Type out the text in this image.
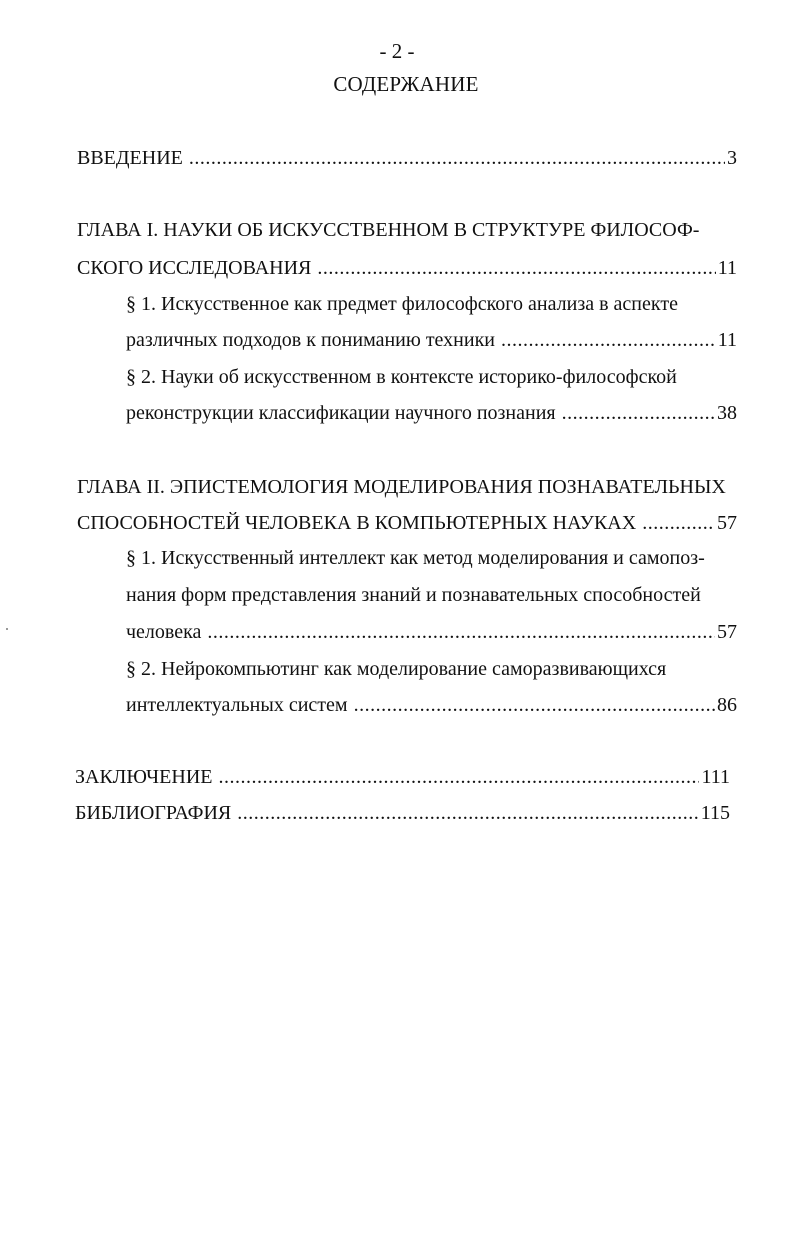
- 2 -
СОДЕРЖАНИЕ
ВВЕДЕНИЕ .....	3
ГЛАВА I. НАУКИ ОБ ИСКУССТВЕННОМ В СТРУКТУРЕ ФИЛОСОФ-
СКОГО ИССЛЕДОВАНИЯ .....	11
§ 1. Искусственное как предмет философского анализа в аспекте
различных подходов к пониманию техники .....	11
§ 2. Науки об искусственном в контексте историко-философской
реконструкции классификации научного познания .....	38
ГЛАВА II. ЭПИСТЕМОЛОГИЯ МОДЕЛИРОВАНИЯ ПОЗНАВАТЕЛЬНЫХ
СПОСОБНОСТЕЙ ЧЕЛОВЕКА В КОМПЬЮТЕРНЫХ НАУКАХ .....	57
§ 1. Искусственный интеллект как метод моделирования и самопоз-
нания форм представления знаний и познавательных способностей
человека .....	57
§ 2. Нейрокомпьютинг как моделирование саморазвивающихся
интеллектуальных систем .....	86
ЗАКЛЮЧЕНИЕ .....	111
БИБЛИОГРАФИЯ .....	115
